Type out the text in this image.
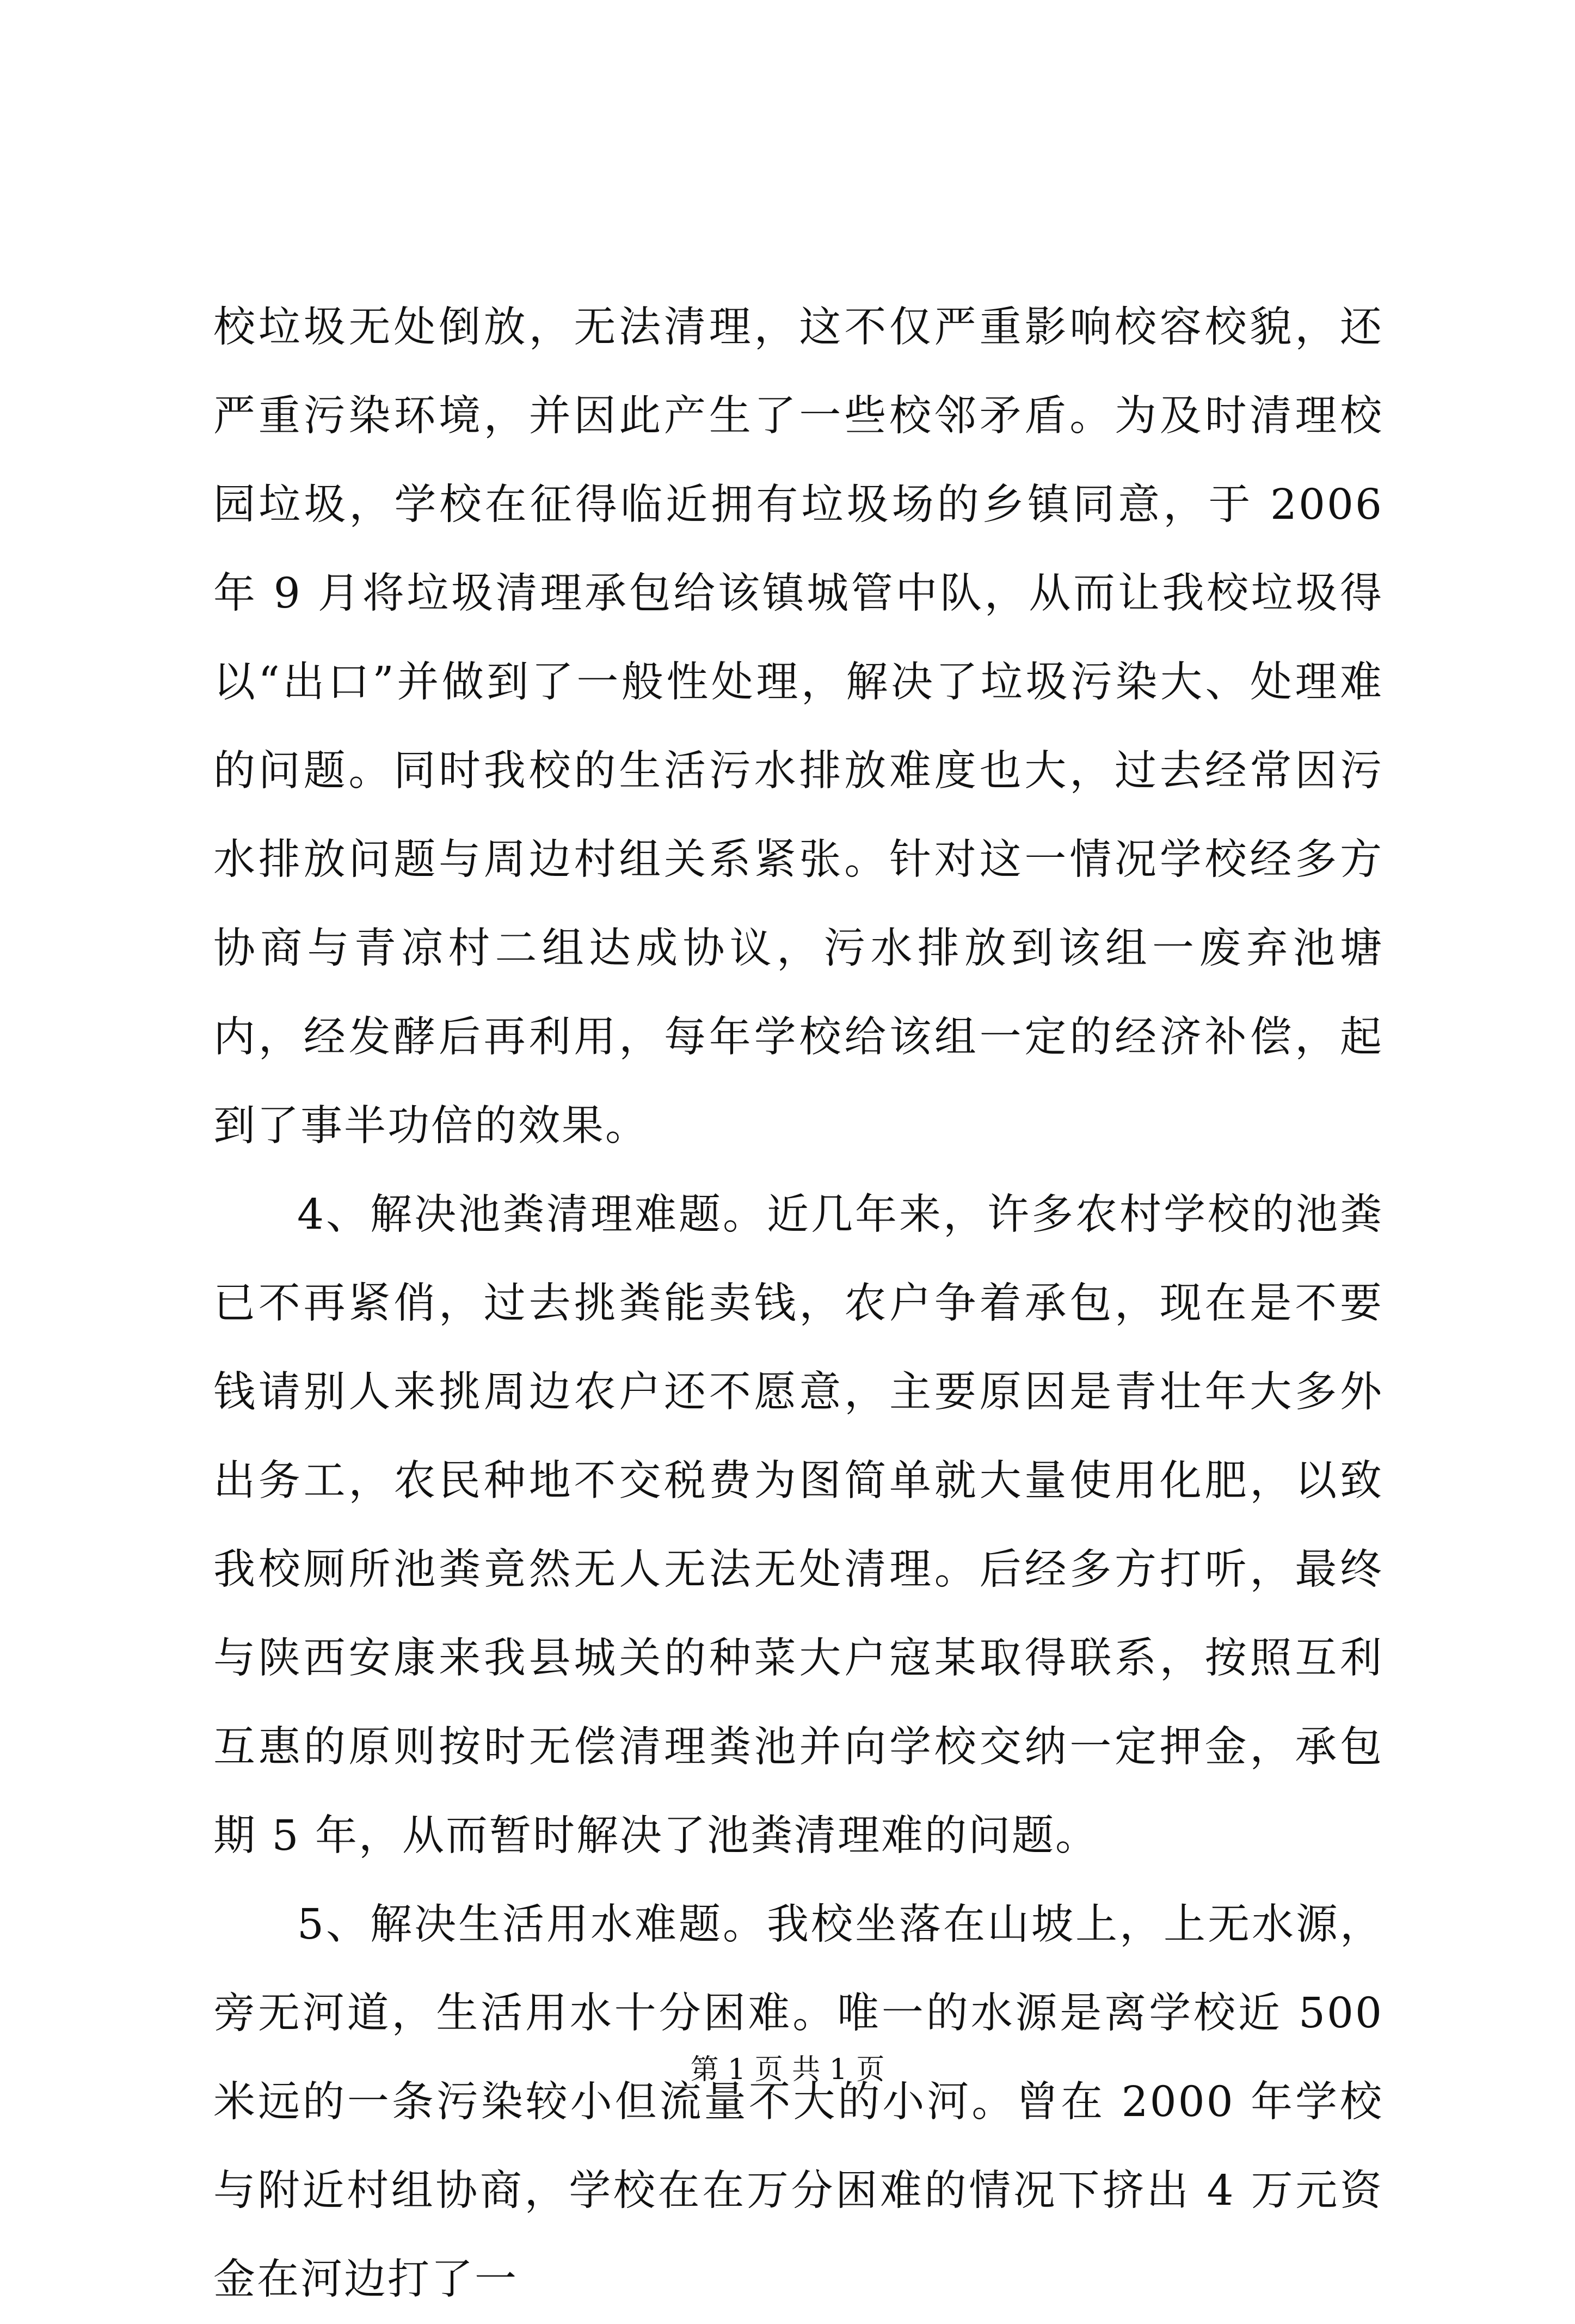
校垃圾无处倒放，无法清理，这不仅严重影响校容校貌，还严重污染环境，并因此产生了一些校邻矛盾。为及时清理校园垃圾，学校在征得临近拥有垃圾场的乡镇同意，于 2006 年 9 月将垃圾清理承包给该镇城管中队，从而让我校垃圾得以“出口”并做到了一般性处理，解决了垃圾污染大、处理难的问题。同时我校的生活污水排放难度也大，过去经常因污水排放问题与周边村组关系紧张。针对这一情况学校经多方协商与青凉村二组达成协议，污水排放到该组一废弃池塘内，经发酵后再利用，每年学校给该组一定的经济补偿，起到了事半功倍的效果。

4、解决池粪清理难题。近几年来，许多农村学校的池粪已不再紧俏，过去挑粪能卖钱，农户争着承包，现在是不要钱请别人来挑周边农户还不愿意，主要原因是青壮年大多外出务工，农民种地不交税费为图简单就大量使用化肥，以致我校厕所池粪竟然无人无法无处清理。后经多方打听，最终与陕西安康来我县城关的种菜大户寇某取得联系，按照互利互惠的原则按时无偿清理粪池并向学校交纳一定押金，承包期 5 年，从而暂时解决了池粪清理难的问题。

5、解决生活用水难题。我校坐落在山坡上，上无水源，旁无河道，生活用水十分困难。唯一的水源是离学校近 500 米远的一条污染较小但流量不大的小河。曾在 2000 年学校与附近村组协商，学校在在万分困难的情况下挤出 4 万元资金在河边打了一

第 1 页 共 1 页
